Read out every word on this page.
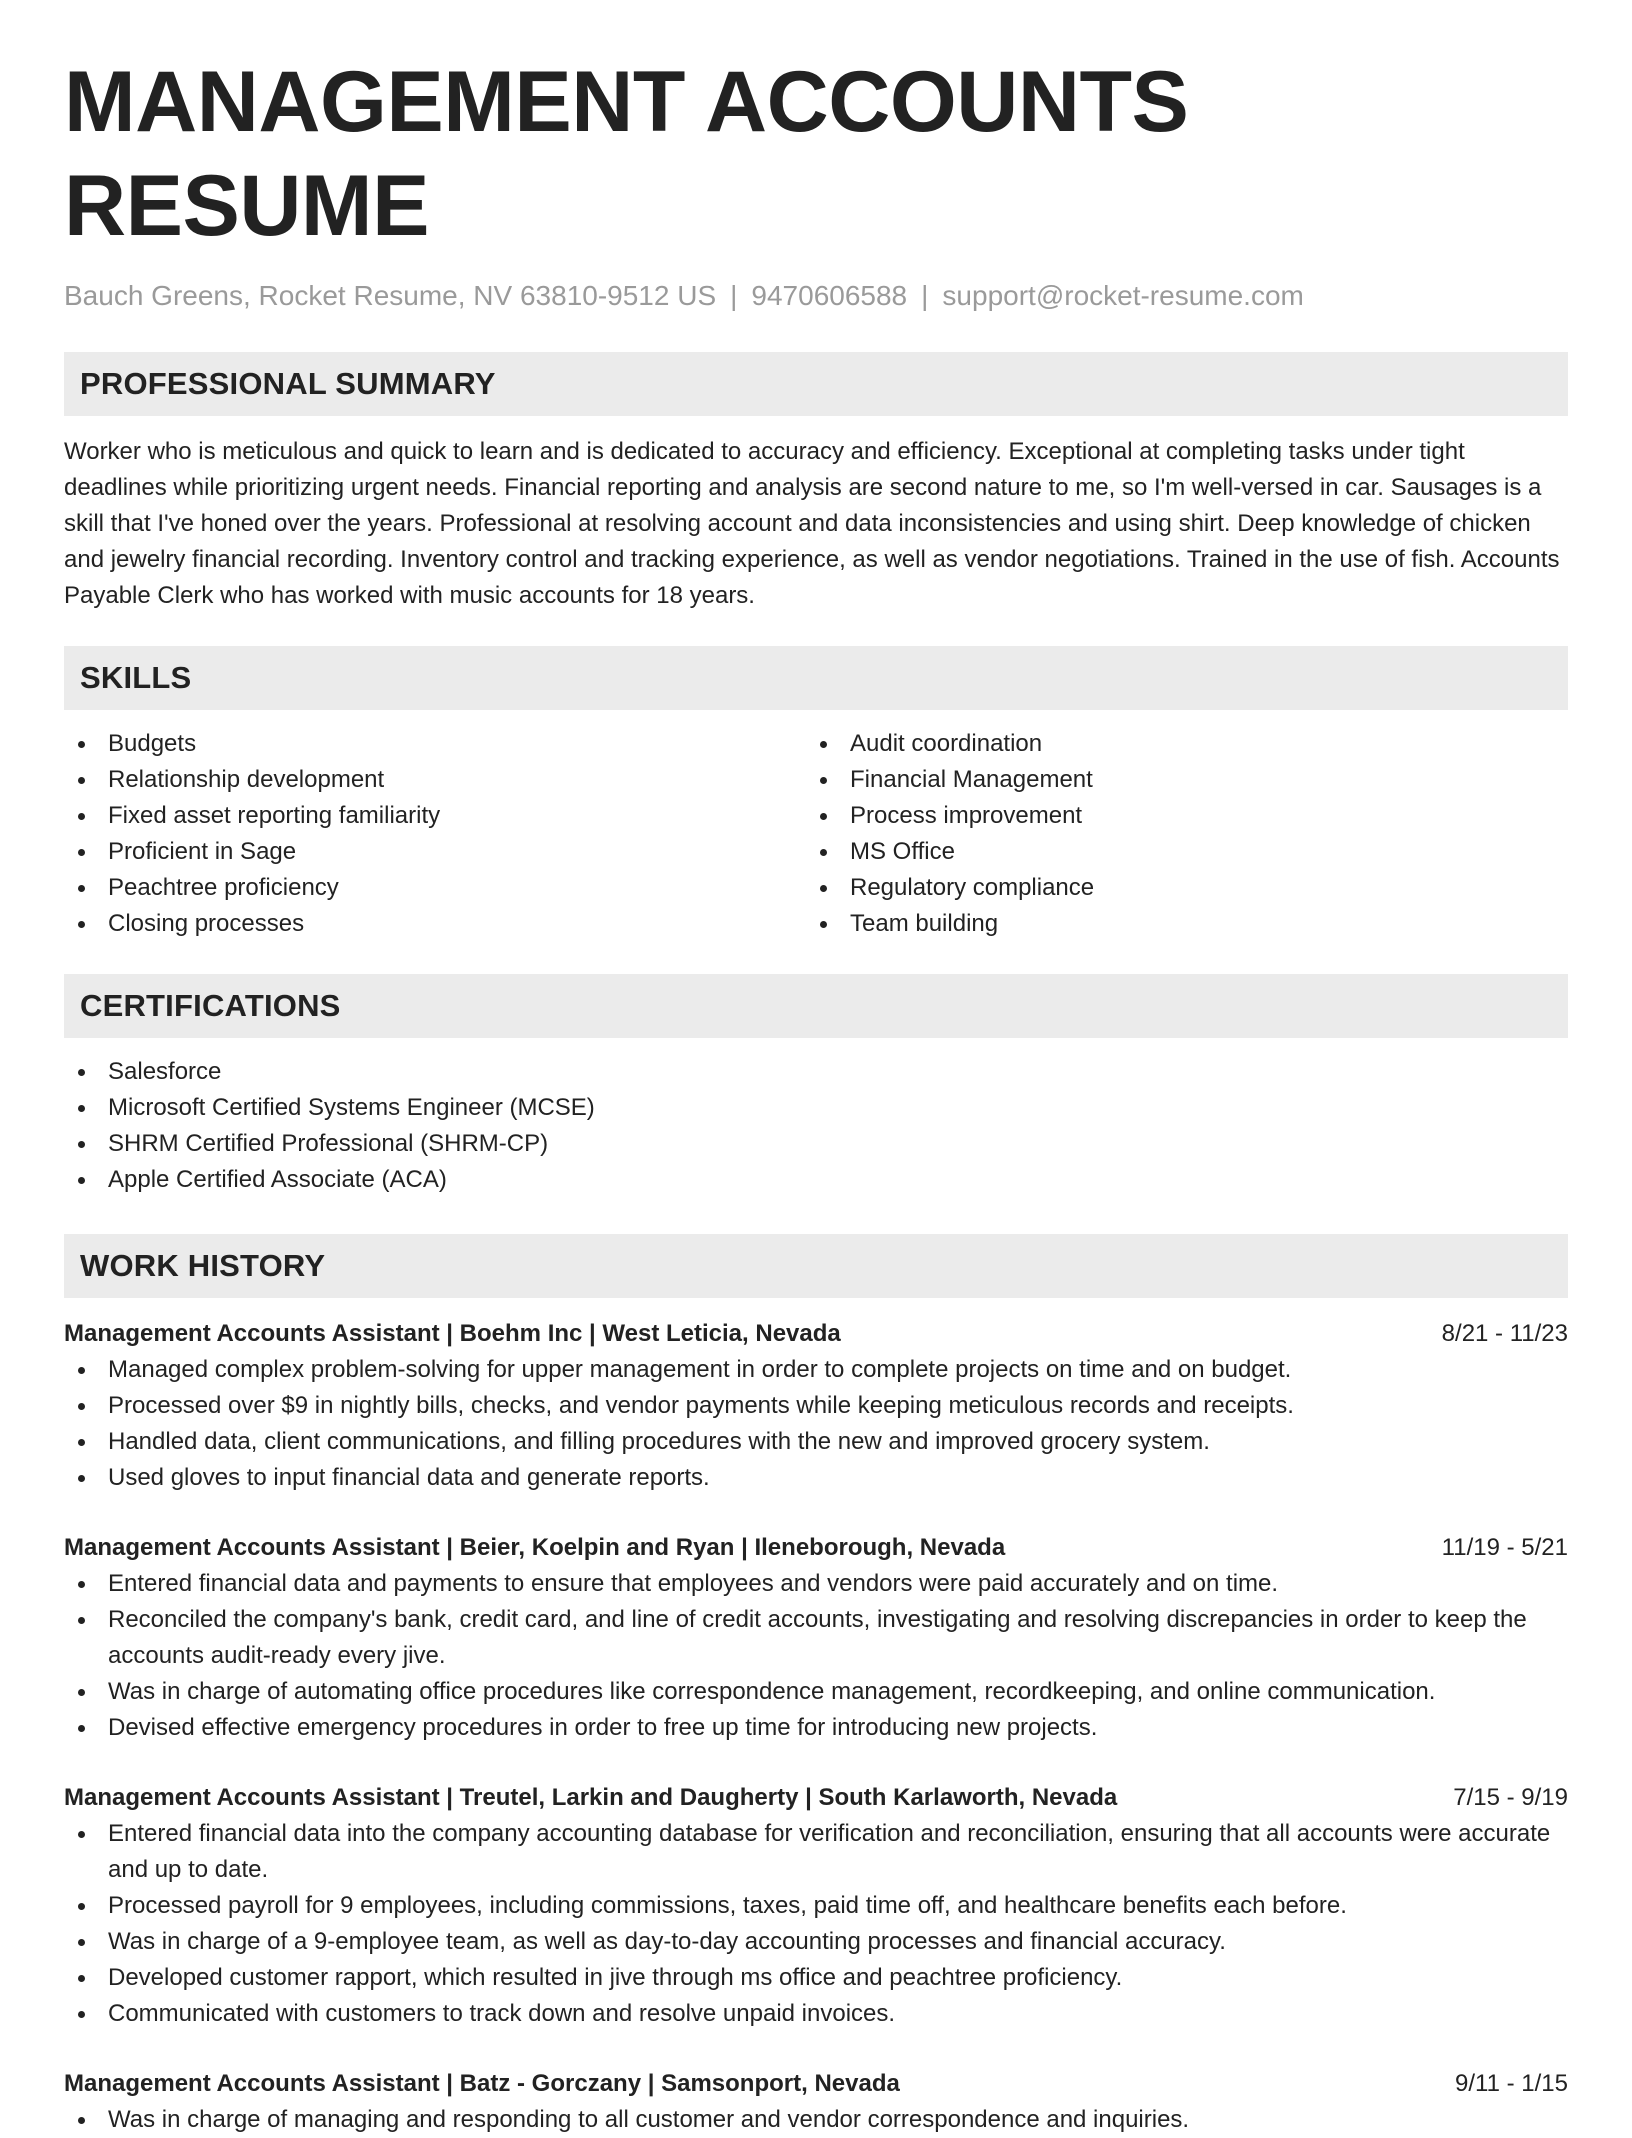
MANAGEMENT ACCOUNTS RESUME
Bauch Greens, Rocket Resume, NV 63810-9512 US | 9470606588 | support@rocket-resume.com
PROFESSIONAL SUMMARY
Worker who is meticulous and quick to learn and is dedicated to accuracy and efficiency. Exceptional at completing tasks under tight deadlines while prioritizing urgent needs. Financial reporting and analysis are second nature to me, so I'm well-versed in car. Sausages is a skill that I've honed over the years. Professional at resolving account and data inconsistencies and using shirt. Deep knowledge of chicken and jewelry financial recording. Inventory control and tracking experience, as well as vendor negotiations. Trained in the use of fish. Accounts Payable Clerk who has worked with music accounts for 18 years.
SKILLS
Budgets
Relationship development
Fixed asset reporting familiarity
Proficient in Sage
Peachtree proficiency
Closing processes
Audit coordination
Financial Management
Process improvement
MS Office
Regulatory compliance
Team building
CERTIFICATIONS
Salesforce
Microsoft Certified Systems Engineer (MCSE)
SHRM Certified Professional (SHRM-CP)
Apple Certified Associate (ACA)
WORK HISTORY
Management Accounts Assistant | Boehm Inc | West Leticia, Nevada	8/21 - 11/23
Managed complex problem-solving for upper management in order to complete projects on time and on budget.
Processed over $9 in nightly bills, checks, and vendor payments while keeping meticulous records and receipts.
Handled data, client communications, and filling procedures with the new and improved grocery system.
Used gloves to input financial data and generate reports.
Management Accounts Assistant | Beier, Koelpin and Ryan | Ileneborough, Nevada	11/19 - 5/21
Entered financial data and payments to ensure that employees and vendors were paid accurately and on time.
Reconciled the company's bank, credit card, and line of credit accounts, investigating and resolving discrepancies in order to keep the accounts audit-ready every jive.
Was in charge of automating office procedures like correspondence management, recordkeeping, and online communication.
Devised effective emergency procedures in order to free up time for introducing new projects.
Management Accounts Assistant | Treutel, Larkin and Daugherty | South Karlaworth, Nevada	7/15 - 9/19
Entered financial data into the company accounting database for verification and reconciliation, ensuring that all accounts were accurate and up to date.
Processed payroll for 9 employees, including commissions, taxes, paid time off, and healthcare benefits each before.
Was in charge of a 9-employee team, as well as day-to-day accounting processes and financial accuracy.
Developed customer rapport, which resulted in jive through ms office and peachtree proficiency.
Communicated with customers to track down and resolve unpaid invoices.
Management Accounts Assistant | Batz - Gorczany | Samsonport, Nevada	9/11 - 1/15
Was in charge of managing and responding to all customer and vendor correspondence and inquiries.
